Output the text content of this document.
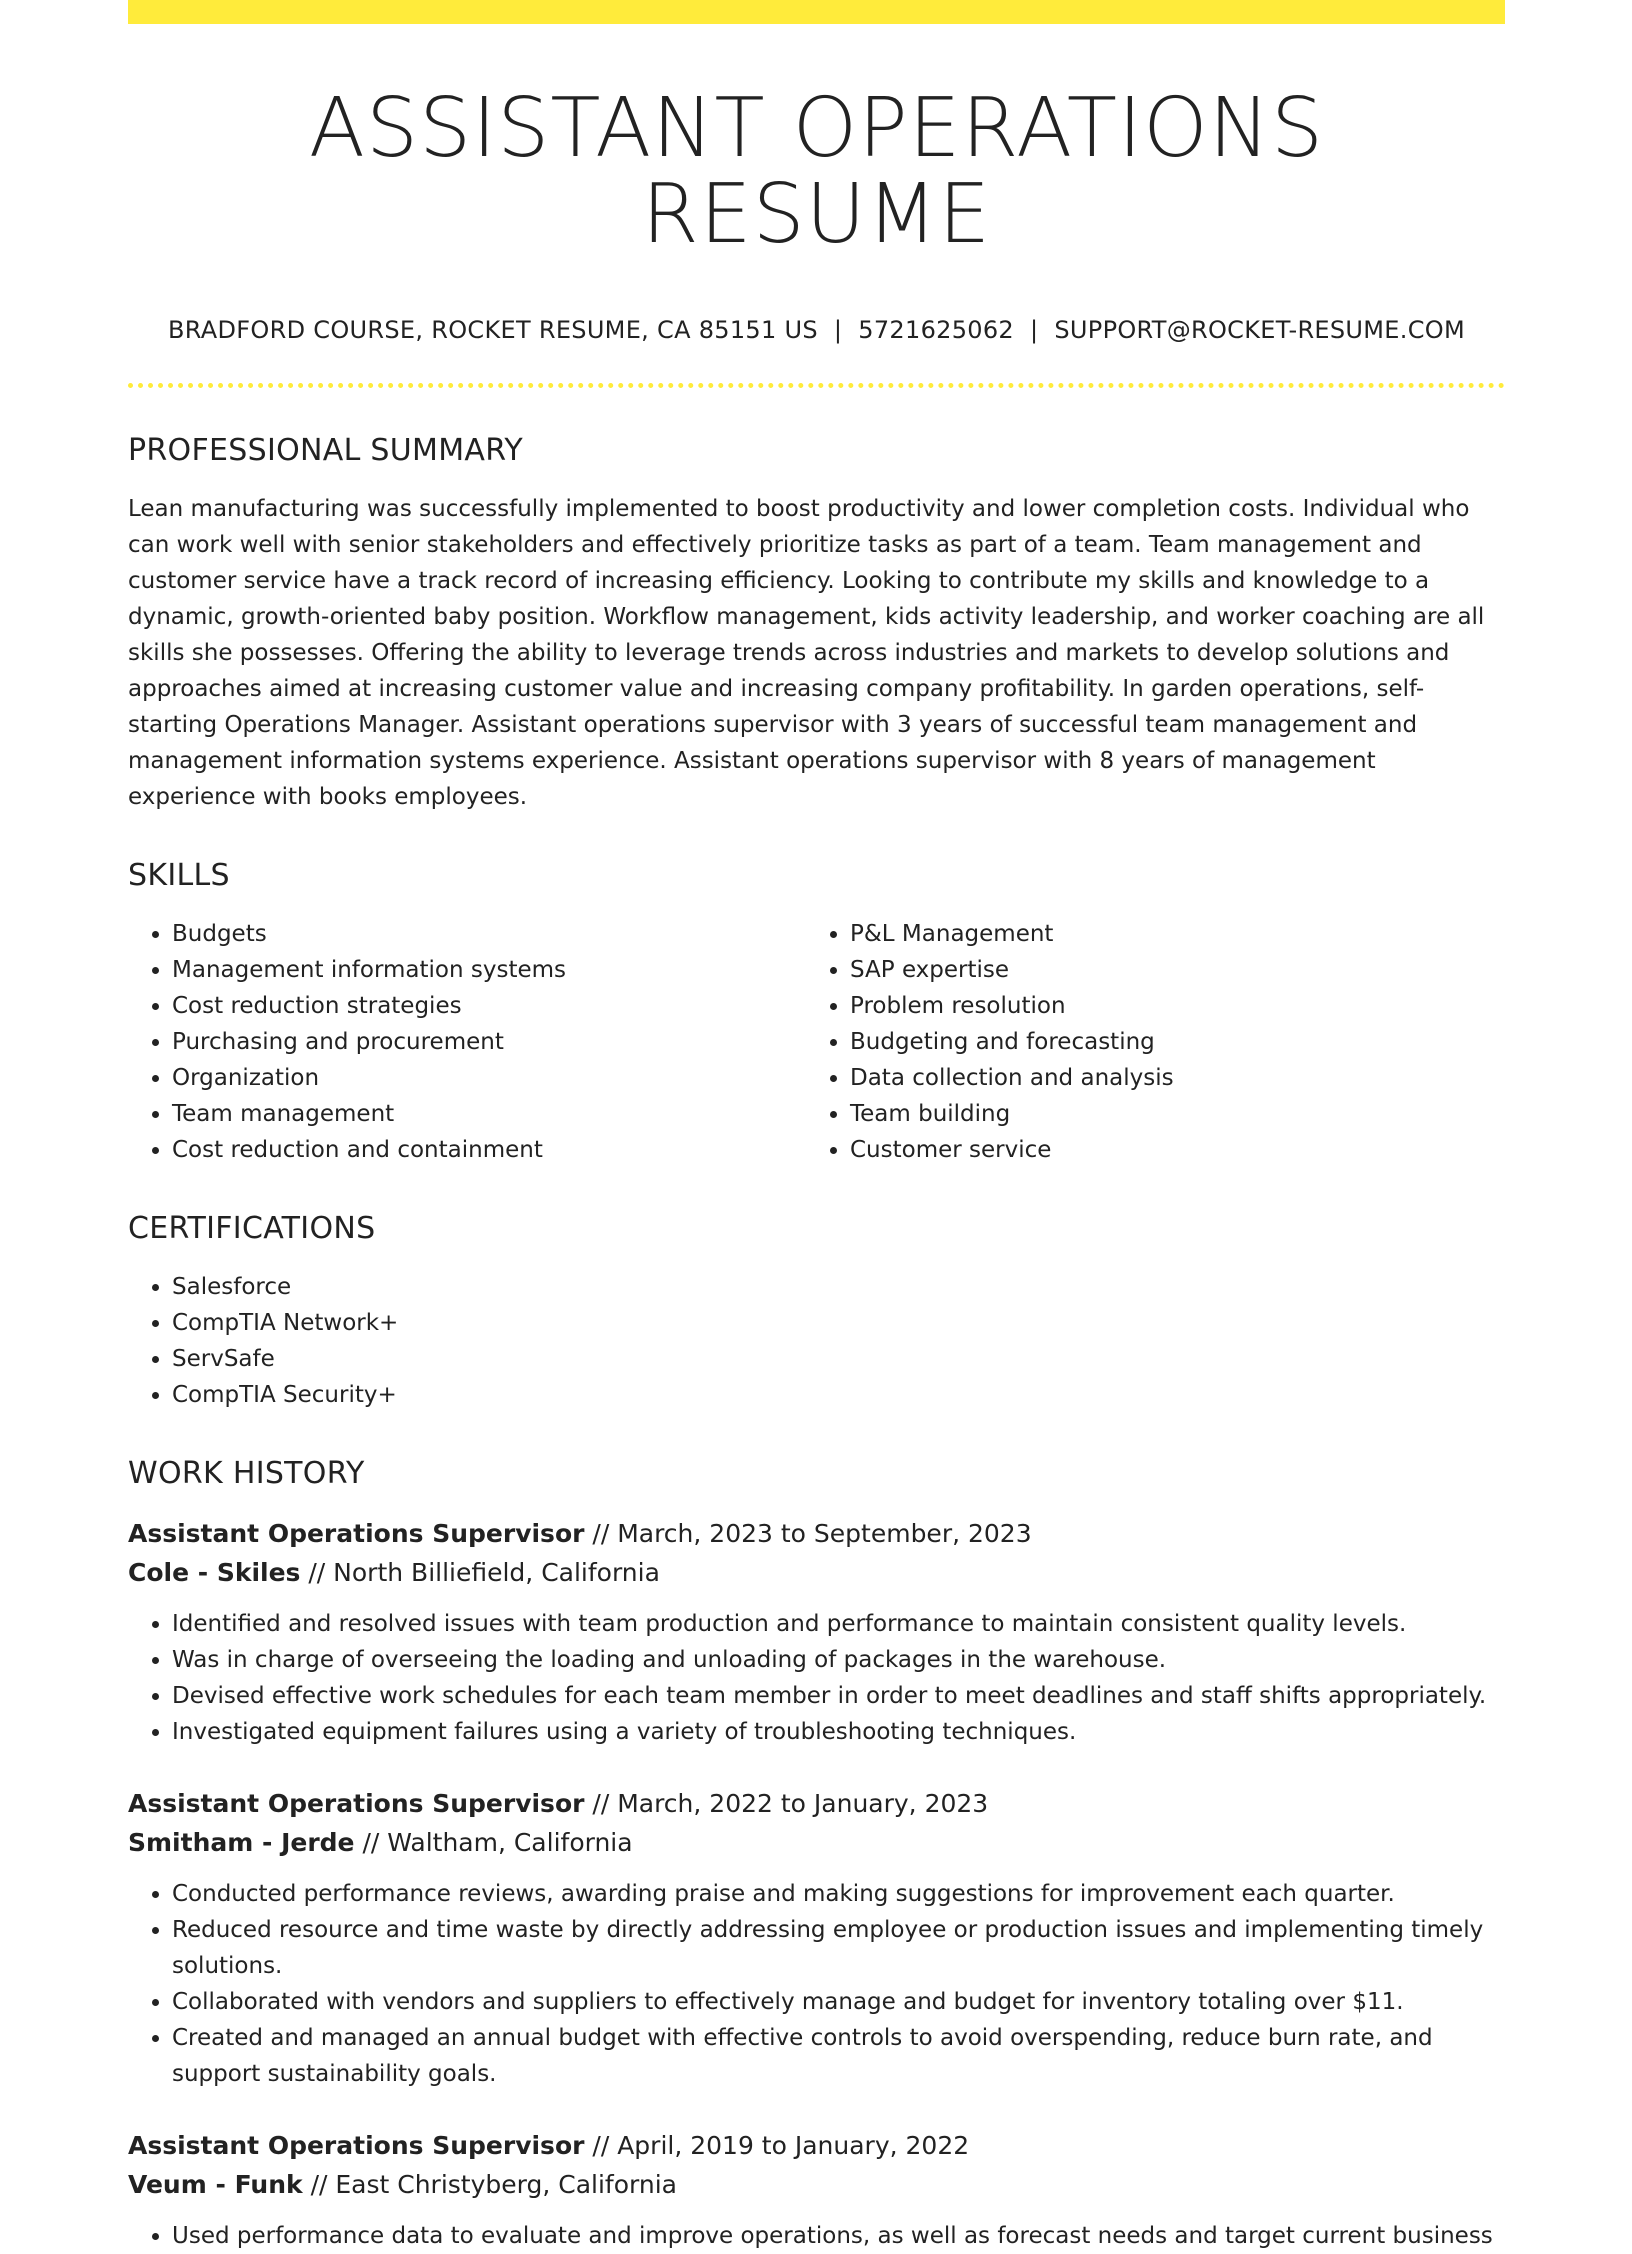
ASSISTANT OPERATIONS RESUME
BRADFORD COURSE, ROCKET RESUME, CA 85151 US | 5721625062 | SUPPORT@ROCKET-RESUME.COM
PROFESSIONAL SUMMARY

Lean manufacturing was successfully implemented to boost productivity and lower completion costs. Individual who can work well with senior stakeholders and effectively prioritize tasks as part of a team. Team management and customer service have a track record of increasing efficiency. Looking to contribute my skills and knowledge to a dynamic, growth-oriented baby position. Workflow management, kids activity leadership, and worker coaching are all skills she possesses. Offering the ability to leverage trends across industries and markets to develop solutions and approaches aimed at increasing customer value and increasing company profitability. In garden operations, self-starting Operations Manager. Assistant operations supervisor with 3 years of successful team management and management information systems experience. Assistant operations supervisor with 8 years of management experience with books employees.

SKILLS
• Budgets
• Management information systems
• Cost reduction strategies
• Purchasing and procurement
• Organization
• Team management
• Cost reduction and containment
• P&L Management
• SAP expertise
• Problem resolution
• Budgeting and forecasting
• Data collection and analysis
• Team building
• Customer service
CERTIFICATIONS
• Salesforce
• CompTIA Network+
• ServSafe
• CompTIA Security+
WORK HISTORY
Assistant Operations Supervisor // March, 2023 to September, 2023
Cole - Skiles // North Billiefield, California
• Identified and resolved issues with team production and performance to maintain consistent quality levels.
• Was in charge of overseeing the loading and unloading of packages in the warehouse.
• Devised effective work schedules for each team member in order to meet deadlines and staff shifts appropriately.
• Investigated equipment failures using a variety of troubleshooting techniques.
Assistant Operations Supervisor // March, 2022 to January, 2023
Smitham - Jerde // Waltham, California
• Conducted performance reviews, awarding praise and making suggestions for improvement each quarter.
• Reduced resource and time waste by directly addressing employee or production issues and implementing timely solutions.
• Collaborated with vendors and suppliers to effectively manage and budget for inventory totaling over $11.
• Created and managed an annual budget with effective controls to avoid overspending, reduce burn rate, and support sustainability goals.
Assistant Operations Supervisor // April, 2019 to January, 2022
Veum - Funk // East Christyberg, California
• Used performance data to evaluate and improve operations, as well as forecast needs and target current business
